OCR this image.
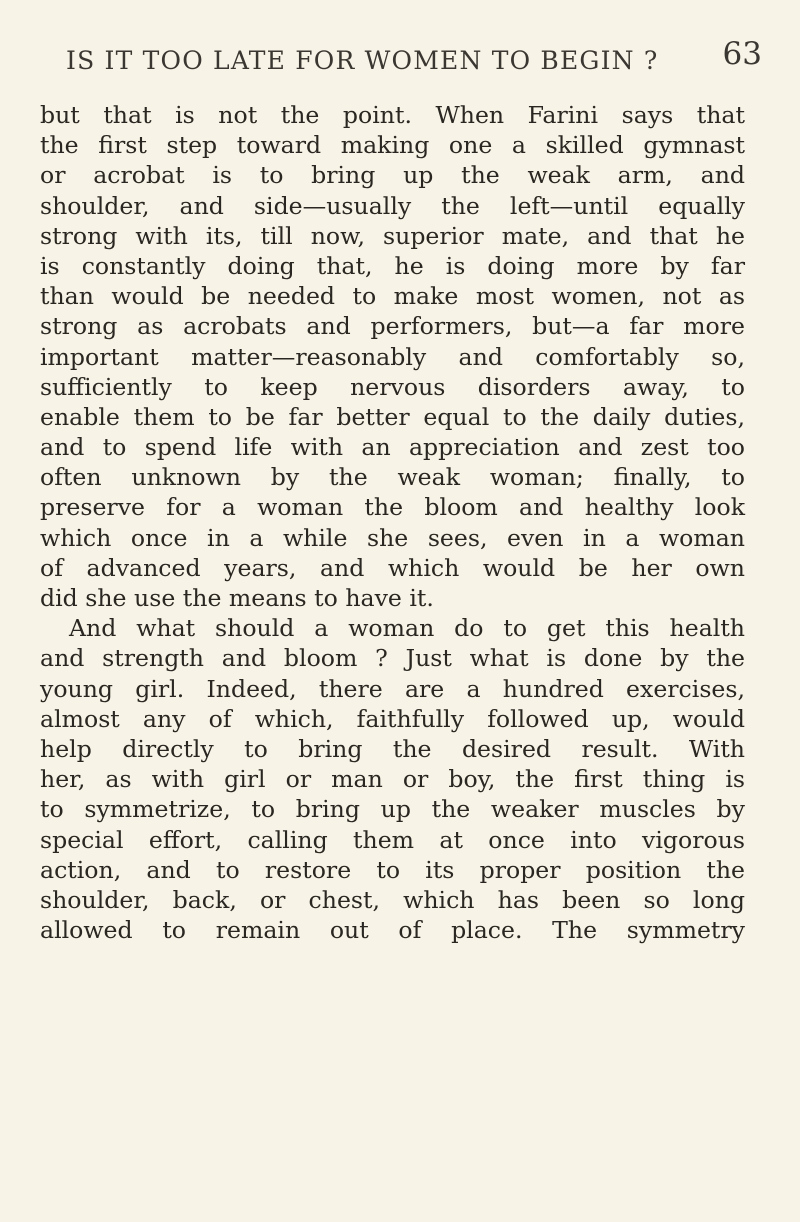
IS IT TOO LATE FOR WOMEN TO BEGIN ? 63
but that is not the point. When Farini says that
the first step toward making one a skilled gymnast
or acrobat is to bring up the weak arm, and
shoulder, and side—usually the left—until equally
strong with its, till now, superior mate, and that he
is constantly doing that, he is doing more by far
than would be needed to make most women, not as
strong as acrobats and performers, but—a far more
important matter—reasonably and comfortably so,
sufficiently to keep nervous disorders away, to
enable them to be far better equal to the daily duties,
and to spend life with an appreciation and zest too
often unknown by the weak woman; finally, to
preserve for a woman the bloom and healthy look
which once in a while she sees, even in a woman
of advanced years, and which would be her own
did she use the means to have it.
And what should a woman do to get this health
and strength and bloom ? Just what is done by the
young girl. Indeed, there are a hundred exercises,
almost any of which, faithfully followed up, would
help directly to bring the desired result. With
her, as with girl or man or boy, the first thing is
to symmetrize, to bring up the weaker muscles by
special effort, calling them at once into vigorous
action, and to restore to its proper position the
shoulder, back, or chest, which has been so long
allowed to remain out of place. The symmetry
